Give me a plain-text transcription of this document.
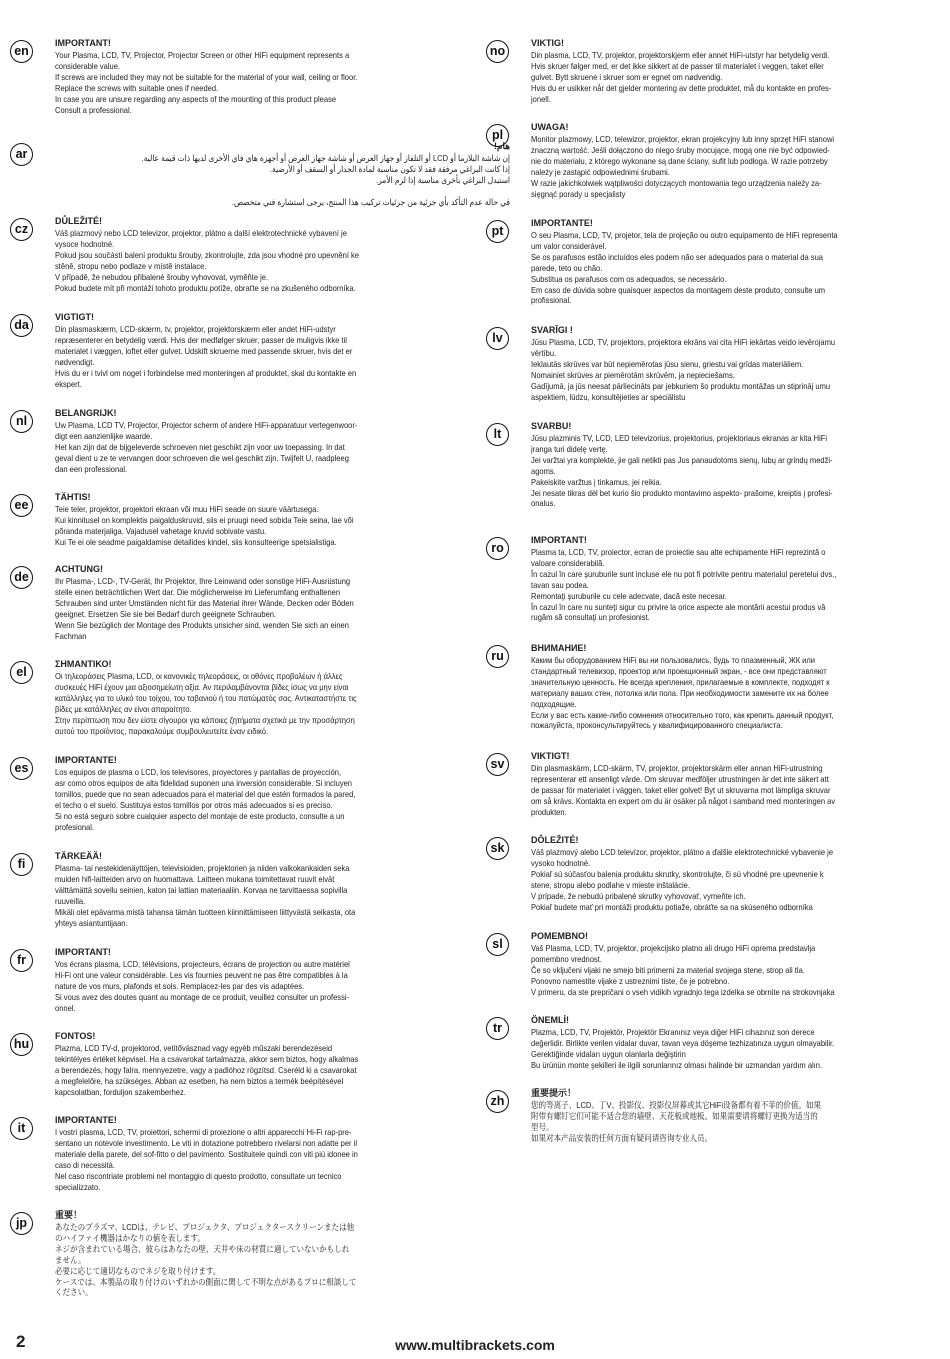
en
IMPORTANT!
Your Plasma, LCD, TV, Projector, Projector Screen or other HiFi equipment represents a
considerable value.
If screws are included they may not be suitable for the material of your wall, ceiling or floor.
Replace the screws with suitable ones if needed.
In case you are unsure regarding any aspects of the mounting of this product please
Consult a professional.
ar
هام!
إن شاشة البلازما أو LCD أو التلفاز أو جهاز العرض أو شاشة جهاز العرض أو أجهزة هاي فاي الأخرى لديها ذات قيمة عالية.
إذا كانت البراغي مرفقة فقد لا تكون مناسبة لمادة الجدار أو السقف أو الأرضية.
استبدل البراغي بأخرى مناسبة إذا لزم الأمر.
في حالة عدم التأكد بأي جزئية من جزئيات تركيب هذا المنتج، يرجى استشارة فني متخصص.
cz
DŮLEŽITÉ!
Váš plazmový nebo LCD televizor, projektor, plátno a další elektrotechnické vybavení je
vysoce hodnotné.
Pokud jsou součástí balení produktu šrouby, zkontrolujte, zda jsou vhodné pro upevnění ke
stěně, stropu nebo podlaze v místě instalace.
V případě, že nebudou přibalené šrouby vyhovovat, vyměňte je.
Pokud budete mít při montáži tohoto produktu potíže, obraťte se na zkušeného odborníka.
da
VIGTIGT!
Din plasmaskærm, LCD-skærm, tv, projektor, projektorskærm eller andet HiFi-udstyr
repræsenterer en betydelig værdi. Hvis der medfølger skruer, passer de muligvis ikke til
materialet i væggen, loftet eller gulvet. Udskift skruerne med passende skruer, hvis det er
nødvendigt.
Hvis du er i tvivl om noget i forbindelse med monteringen af produktet, skal du kontakte en
ekspert.
nl
BELANGRIJK!
Uw Plasma, LCD TV, Projector, Projector scherm of andere HiFi-apparatuur vertegenwoor-
digt een aanzienlijke waarde.
Het kan zijn dat de bijgeleverde schroeven niet geschikt zijn voor uw toepassing. In dat
geval dient u ze te vervangen door schroeven die wel geschikt zijn. Twijfelt U, raadpleeg
dan een professional.
ee
TÄHTIS!
Teie teler, projektor, projektori ekraan või muu HiFi seade on suure väärtusega.
Kui kinnitusel on komplektis paigalduskruvid, siis ei pruugi need sobida Teie seina, lae või
põranda materjaliga. Vajadusel vahetage kruvid sobivate vastu.
Kui Te ei ole seadme paigaldamise detailides kindel, siis konsulteerige spetsialistiga.
de
ACHTUNG!
Ihr Plasma-, LCD-, TV-Gerät, Ihr Projektor, Ihre Leinwand oder sonstige HiFi-Ausrüstung
stelle einen beträchtlichen Wert dar. Die möglicherweise im Lieferumfang enthaltenen
Schrauben sind unter Umständen nicht für das Material ihrer Wände, Decken oder Böden
geeignet. Ersetzen Sie sie bei Bedarf durch geeignete Schrauben.
Wenn Sie bezüglich der Montage des Produkts unsicher sind, wenden Sie sich an einen
Fachman
el
ΣΗΜΑΝΤΙΚΟ!
Οι τηλεοράσεις Plasma, LCD, οι κανονικές τηλεοράσεις, οι οθόνες προβολέων ή άλλες
συσκευές HiFi έχουν μια αξιοσημείωτη αξία. Αν περιλαμβάνονται βίδες ίσως να μην είναι
κατάλληλες για το υλικό του τοίχου, του ταβανιού ή του πατώματός σας. Αντικαταστήστε τις
βίδες με κατάλληλες αν είναι απαραίτητο.
Στην περίπτωση που δεν είστε σίγουροι για κάποιες ζητήματα σχετικά με την προσάρτηση
αυτού του προϊόντος, παρακαλούμε συμβουλευτείτε έναν ειδικό.
es
IMPORTANTE!
Los equipos de plasma o LCD, los televisores, proyectores y pantallas de proyección,
asr como otros equipos de alta fidelidad suponen una inversión considerable. Si incluyen
tornillos, puede que no sean adecuados para el material del que estén formados la pared,
el techo o el suelo. Sustituya estos tornillos por otros más adecuados si es preciso.
Si no está seguro sobre cualquier aspecto del montaje de este producto, consulte a un
profesional.
fi
TÄRKEÄÄ!
Plasma- tai nestekidenäyttöjen, televisioiden, projektorien ja niiden valkokankaiden seka
muiden hifi-laitteiden arvo on huomattava. Laitteen mukana toimitettavat ruuvit eivät
välttämättä sovellu seinien, katon tai lattian materiaaliin. Korvaa ne tarvittaessa sopivilla
ruuveilla.
Mikäli olet epävarma mistä tahansa tämän tuotteen kiinnittämiseen liittyvästä seikasta, ota
yhteys asiantuntijaan.
fr
IMPORTANT!
Vos écrans plasma, LCD, télévisions, projecteurs, écrans de projection ou autre matériel
Hi-Fi ont une valeur considérable. Les vis fournies peuvent ne pas être compatibles à la
nature de vos murs, plafonds et sols. Remplacez-les par des vis adaptées.
Si vous avez des doutes quant au montage de ce produit, veuillez consulter un professi-
onnel.
hu
FONTOS!
Plazma, LCD TV-d, projektorod, vetítővásznad vagy egyéb műszaki berendezéseid
tekintélyes értéket képvisel. Ha a csavarokat tartalmazza, akkor sem biztos, hogy alkalmas
a berendezés, hogy falra, mennyezetre, vagy a padlóhoz rögzítsd. Cseréld ki a csavarokat
a megfelelőre, ha szükséges. Abban az esetben, ha nem biztos a termék beépítésével
kapcsolatban, forduljon szakemberhez.
it
IMPORTANTE!
I vostri plasma, LCD, TV, proiettori, schermi di proiezione o altri apparecchi Hi-Fi rap-pre-
sentano un notevole investimento. Le viti in dotazione potrebbero rivelarsi non adatte per il
materiale della parete, del sof-fitto o del pavimento. Sostituitele quindi con viti più idonee in
caso di necessità.
Nel caso riscontriate problemi nel montaggio di questo prodotto, consultate un tecnico
specializzato.
jp
重要！
あなたのプラズマ、LCDは、テレビ、プロジェクタ、プロジェクタースクリーンまたは他
のハイファイ機器はかなりの値を表します。
ネジが含まれている場合、彼らはあなたの壁、天井や床の材質に適していないかもしれ
ません。
必要に応じて適切なものでネジを取り付けます。
ケースでは、本製品の取り付けのいずれかの側面に関して不明な点があるプロに相談して
ください。
no
VIKTIG!
Din plasma, LCD, TV, projektor, projektorskjerm eller annet HiFi-utstyr har betydelig verdi.
Hvis skruer følger med, er det ikke sikkert at de passer til materialet i veggen, taket eller
gulvet. Bytt skruene i skruer som er egnet om nødvendig.
Hvis du er usikker når det gjelder montering av dette produktet, må du kontakte en profes-
jonell.
pl
UWAGA!
Monitor plazmowy, LCD, telewizor, projektor, ekran projekcyjny lub inny sprzęt HiFi stanowi
znaczną wartość. Jeśli dołączono do niego śruby mocujące, mogą one nie być odpowied-
nie do materiału, z którego wykonane są dane ściany, sufit lub podłoga. W razie potrzeby
należy je zastąpić odpowiednimi śrubami.
W razie jakichkolwiek wątpliwości dotyczących montowania tego urządzenia należy za-
sięgnąć porady u specjalisty
pt
IMPORTANTE!
O seu Plasma, LCD, TV, projetor, tela de projeção ou outro equipamento de HiFi representa
um valor considerável.
Se os parafusos estão incluídos eles podem não ser adequados para o material da sua
parede, teto ou chão.
Substitua os parafusos com os adequados, se necessário.
Em caso de dúvida sobre quaisquer aspectos da montagem deste produto, consulte um
profissional.
lv
SVARĪGI !
Jūsu Plasma, LCD, TV, projektors, projektora ekrāns vai cita HiFi iekārtas veido ievērojamu
vērtību.
Ieklautās skrūves var būt nepiemērotas jūsu sienu, griestu vai grīdas materiāliem.
Nomainiet skrūves ar piemērotām skrūvēm, ja nepieciešams.
Gadījumā, ja jūs neesat pārliecināts par jebkuriem šo produktu montāžas un stiprināj umu
aspektiem, lūdzu, konsultējieties ar speciālistu
lt
SVARBU!
Jūsu plazminis TV, LCD, LED televizorius, projektorius, projektoriaus ekranas ar kita HiFi
įranga turi didelę vertę.
Jei varžtai yra komplekte, jie gali netikti pas Jus panaudotoms sienų, lubų ar grindų medži-
agoms.
Pakeiskite varžtus į tinkamus, jei reikia.
Jei nesate tikras dėl bet kurio šio produkto montavimo aspekto- prašome, kreiptis į profesi-
onalus.
ro
IMPORTANT!
Plasma ta, LCD, TV, proiector, ecran de proiectie sau alte echipamente HiFi reprezintă o
valoare considerabilă.
În cazul în care şuruburile sunt incluse ele nu pot fi potrivite pentru materialul peretelui dvs.,
tavan sau podea.
Remontaţi şuruburile cu cele adecvate, dacă este necesar.
În cazul în care nu sunteţi sigur cu privire la orice aspecte ale montării acestui produs vă
rugăm să consultaţi un profesionist.
ru
ВНИМАНИЕ!
Каким бы оборудованием HiFi вы ни пользовались, будь то плазменный, ЖК или
стандартный телевизор, проектор или проекционный экран, - все они представляют
значительную ценность. Не всегда крепления, прилагаемые в комплекте, подходят к
материалу ваших стен, потолка или пола. При необходимости замените их на более
подходящие.
Если у вас есть какие-либо сомнения относительно того, как крепить данный продукт,
пожалуйста, проконсультируйтесь у квалифицированного специалиста.
sv
VIKTIGT!
Din plasmaskärm, LCD-skärm, TV, projektor, projektorskärm eller annan HiFi-utrustning
representerar ett ansenligt värde. Om skruvar medföljer utrustningen är det inte säkert att
de passar för materialet i väggen, taket eller golvet! Byt ut skruvarna mot lämpliga skruvar
om så krävs. Kontakta en expert om du är osäker på något i samband med monteringen av
produkten.
sk
DÔLEŽITÉ!
Váš plazmový alebo LCD televízor, projektor, plátno a ďalšie elektrotechnické vybavenie je
vysoko hodnotné.
Pokiaľ sú súčasťou balenia produktu skrutky, skontrolujte, či sú vhodné pre upevnenie k
stene, stropu alebo podlahe v mieste inštalácie.
V prípade, že nebudú pribalené skrutky vyhovovať, vymeňte ich.
Pokiaľ budete mať pri montáži produktu potiaže, obráťte sa na skúseného odborníka
sl
POMEMBNO!
Vaš Plasma, LCD, TV, projektor, projekcijsko platno ali drugo HiFi oprema predstavlja
pomembno vrednost.
Če so vključeni vijaki ne smejo biti primerni za material svojega stene, strop ali tla.
Ponovno namestite vijake z ustreznimi tiste, če je potrebno.
V primeru, da ste prepričani o vseh vidikih vgradnjo tega izdelka se obrnite na strokovnjaka
tr
ÖNEMLİ!
Plazma, LCD, TV, Projektör, Projektör Ekranınız veya diğer HiFi cihazınız son derece
değerlidir. Birlikte verilen vidalar duvar, tavan veya döşeme tezhizatınıza uygun olmayabilir.
Gerektiğinde vidaları uygun olanlarla değiştirin
Bu ürünün monte şekilleri ile ilgili sorunlarınız olması halinde bir uzmandan yardım alın.
zh
重要提示！
您的等离子、LCD、丁V、投影仪、投影仪屏幕或其它HiFi设备都有着不菲的价值。如果
附带有螺钉它们可能不适合您的墙壁、天花板或地板。如果需要请将螺钉更换为适当的
型号。
如果对本产品安装的任何方面有疑问请咨询专业人员。
2	www.multibrackets.com
